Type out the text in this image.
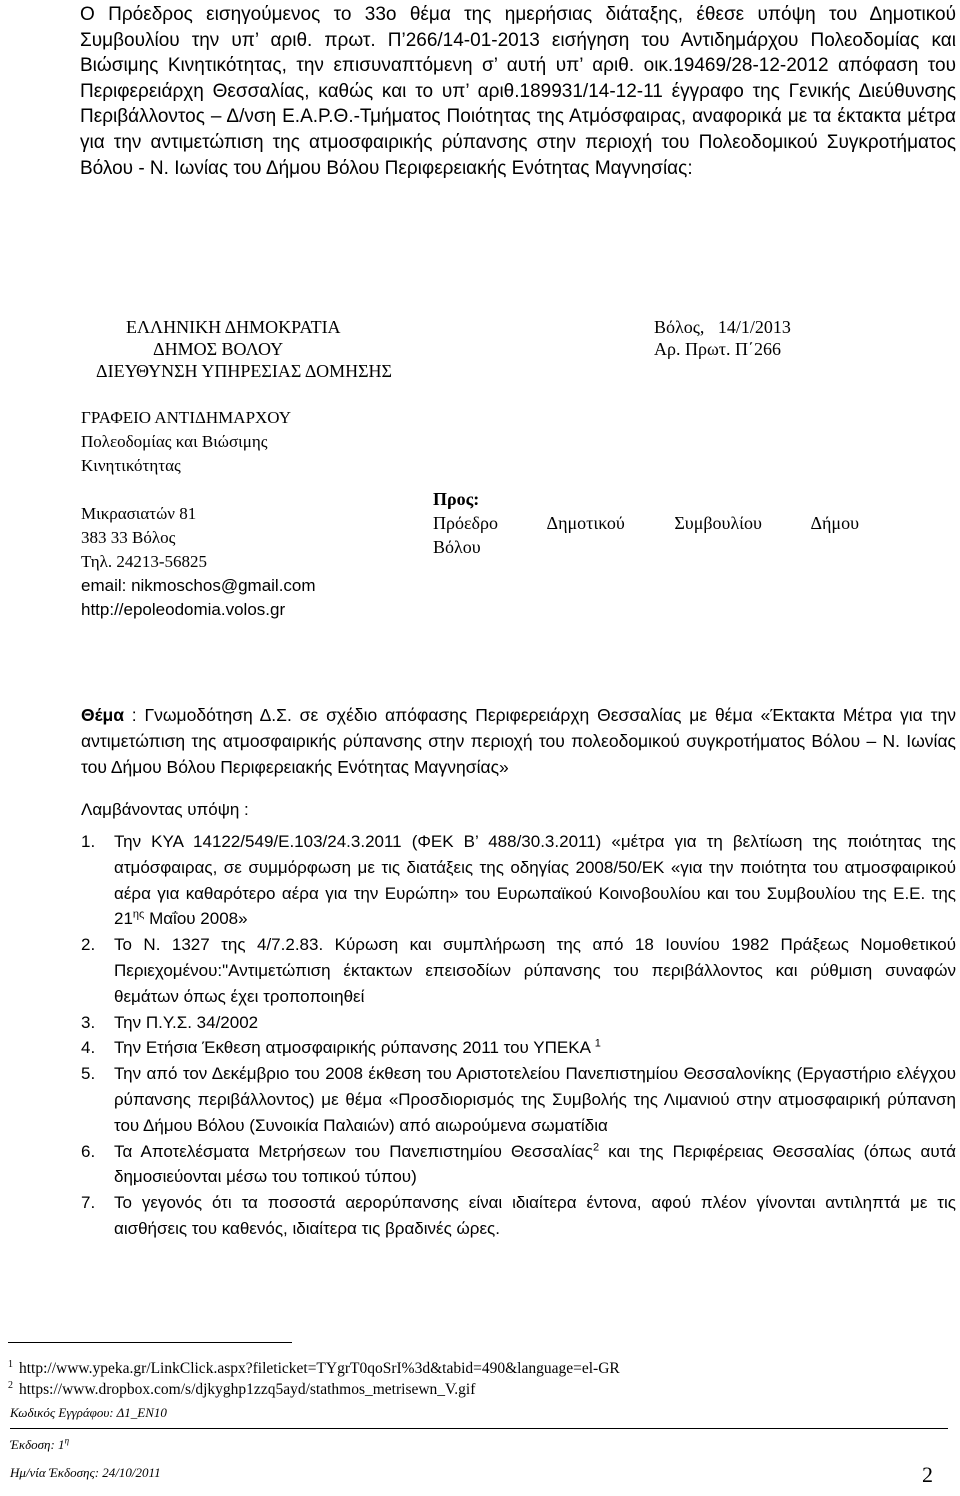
Ο Πρόεδρος εισηγούμενος το 33ο θέμα της ημερήσιας διάταξης, έθεσε υπόψη του Δημοτικού Συμβουλίου την υπ’ αριθ. πρωτ. Π’266/14-01-2013 εισήγηση του Αντιδημάρχου Πολεοδομίας και Βιώσιμης Κινητικότητας, την επισυναπτόμενη σ’ αυτή υπ’ αριθ. οικ.19469/28-12-2012 απόφαση του Περιφερειάρχη Θεσσαλίας, καθώς και το υπ’ αριθ.189931/14-12-11 έγγραφο της Γενικής Διεύθυνσης Περιβάλλοντος – Δ/νση Ε.Α.Ρ.Θ.-Τμήματος Ποιότητας της Ατμόσφαιρας, αναφορικά με τα έκτακτα μέτρα για την αντιμετώπιση της ατμοσφαιρικής ρύπανσης στην περιοχή του Πολεοδομικού Συγκροτήματος Βόλου - Ν. Ιωνίας του Δήμου Βόλου Περιφερειακής Ενότητας Μαγνησίας:

ΕΛΛΗΝΙΚΗ ΔΗΜΟΚΡΑΤΙΑ
ΔΗΜΟΣ ΒΟΛΟΥ
ΔΙΕΥΘΥΝΣΗ ΥΠΗΡΕΣΙΑΣ ΔΟΜΗΣΗΣ
Βόλος,   14/1/2013
Αρ. Πρωτ. Π΄266
ΓΡΑΦΕΙΟ ΑΝΤΙΔΗΜΑΡΧΟΥ
Πολεοδομίας και Βιώσιμης
Κινητικότητας
Μικρασιατών 81
383 33 Βόλος
Τηλ. 24213-56825
email: nikmoschos@gmail.com
http://epoleodomia.volos.gr
Προς:
Πρόεδρο Δημοτικού Συμβουλίου Δήμου
Βόλου
Θέμα : Γνωμοδότηση Δ.Σ. σε σχέδιο απόφασης Περιφερειάρχη Θεσσαλίας με θέμα «Έκτακτα Μέτρα για την αντιμετώπιση της ατμοσφαιρικής ρύπανσης στην περιοχή του πολεοδομικού συγκροτήματος Βόλου – Ν. Ιωνίας του Δήμου Βόλου Περιφερειακής Ενότητας Μαγνησίας»
Λαμβάνοντας υπόψη :
1. Την ΚΥΑ 14122/549/Ε.103/24.3.2011 (ΦΕΚ Β’ 488/30.3.2011) «μέτρα για τη βελτίωση της ποιότητας της ατμόσφαιρας, σε συμμόρφωση με τις διατάξεις της οδηγίας 2008/50/ΕΚ «για την ποιότητα του ατμοσφαιρικού αέρα για καθαρότερο αέρα για την Ευρώπη» του Ευρωπαϊκού Κοινοβουλίου και του Συμβουλίου της Ε.Ε. της $21^{\eta\varsigma}$ Μαΐου 2008»
2. Το Ν. 1327 της 4/7.2.83. Κύρωση και συμπλήρωση της από 18 Ιουνίου 1982 Πράξεως Νομοθετικού Περιεχομένου:"Αντιμετώπιση έκτακτων επεισοδίων ρύπανσης του περιβάλλοντος και ρύθμιση συναφών θεμάτων όπως έχει τροποποιηθεί
3. Την Π.Υ.Σ. 34/2002
4. Την Ετήσια Έκθεση ατμοσφαιρικής ρύπανσης 2011 του ΥΠΕΚΑ $^1$
5. Την από τον Δεκέμβριο του 2008 έκθεση του Αριστοτελείου Πανεπιστημίου Θεσσαλονίκης (Εργαστήριο ελέγχου ρύπανσης περιβάλλοντος) με θέμα «Προσδιορισμός της Συμβολής της Λιμανιού στην ατμοσφαιρική ρύπανση του Δήμου Βόλου (Συνοικία Παλαιών) από αιωρούμενα σωματίδια
6. Τα Αποτελέσματα Μετρήσεων του Πανεπιστημίου Θεσσαλίας$^2$ και της Περιφέρειας Θεσσαλίας (όπως αυτά δημοσιεύονται μέσω του τοπικού τύπου)
7. Το γεγονός ότι τα ποσοστά αερορύπανσης είναι ιδιαίτερα έντονα, αφού πλέον γίνονται αντιληπτά με τις αισθήσεις του καθενός, ιδιαίτερα τις βραδινές ώρες.
$^1$ http://www.ypeka.gr/LinkClick.aspx?fileticket=TYgrT0qoSrI%3d&tabid=490&language=el-GR
$^2$ https://www.dropbox.com/s/djkyghp1zzq5ayd/stathmos_metrisewn_V.gif
Κωδικός Εγγράφου: Δ1_ΕΝ10
Έκδοση: $1^\eta$
Ημ/νία Έκδοσης: 24/10/2011	2
